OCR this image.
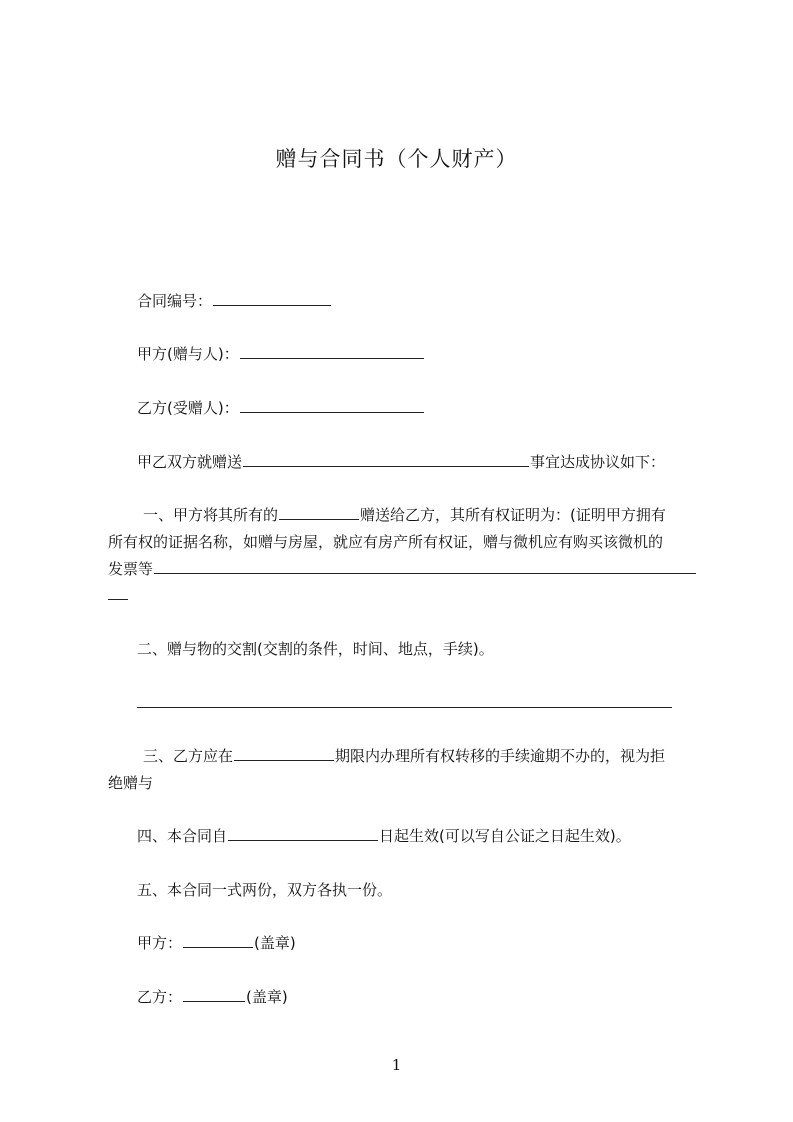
赠与合同书（个人财产）
合同编号：
甲方(赠与人)：
乙方(受赠人)：
甲乙双方就赠送	事宜达成协议如下：
一、甲方将其所有的	赠送给乙方，其所有权证明为：(证明甲方拥有
所有权的证据名称，如赠与房屋，就应有房产所有权证，赠与微机应有购买该微机的
发票等
二、赠与物的交割(交割的条件，时间、地点，手续)。
三、乙方应在	期限内办理所有权转移的手续逾期不办的，视为拒
绝赠与
四、本合同自	日起生效(可以写自公证之日起生效)。
五、本合同一式两份，双方各执一份。
甲方：	(盖章)
乙方：	(盖章)
1
